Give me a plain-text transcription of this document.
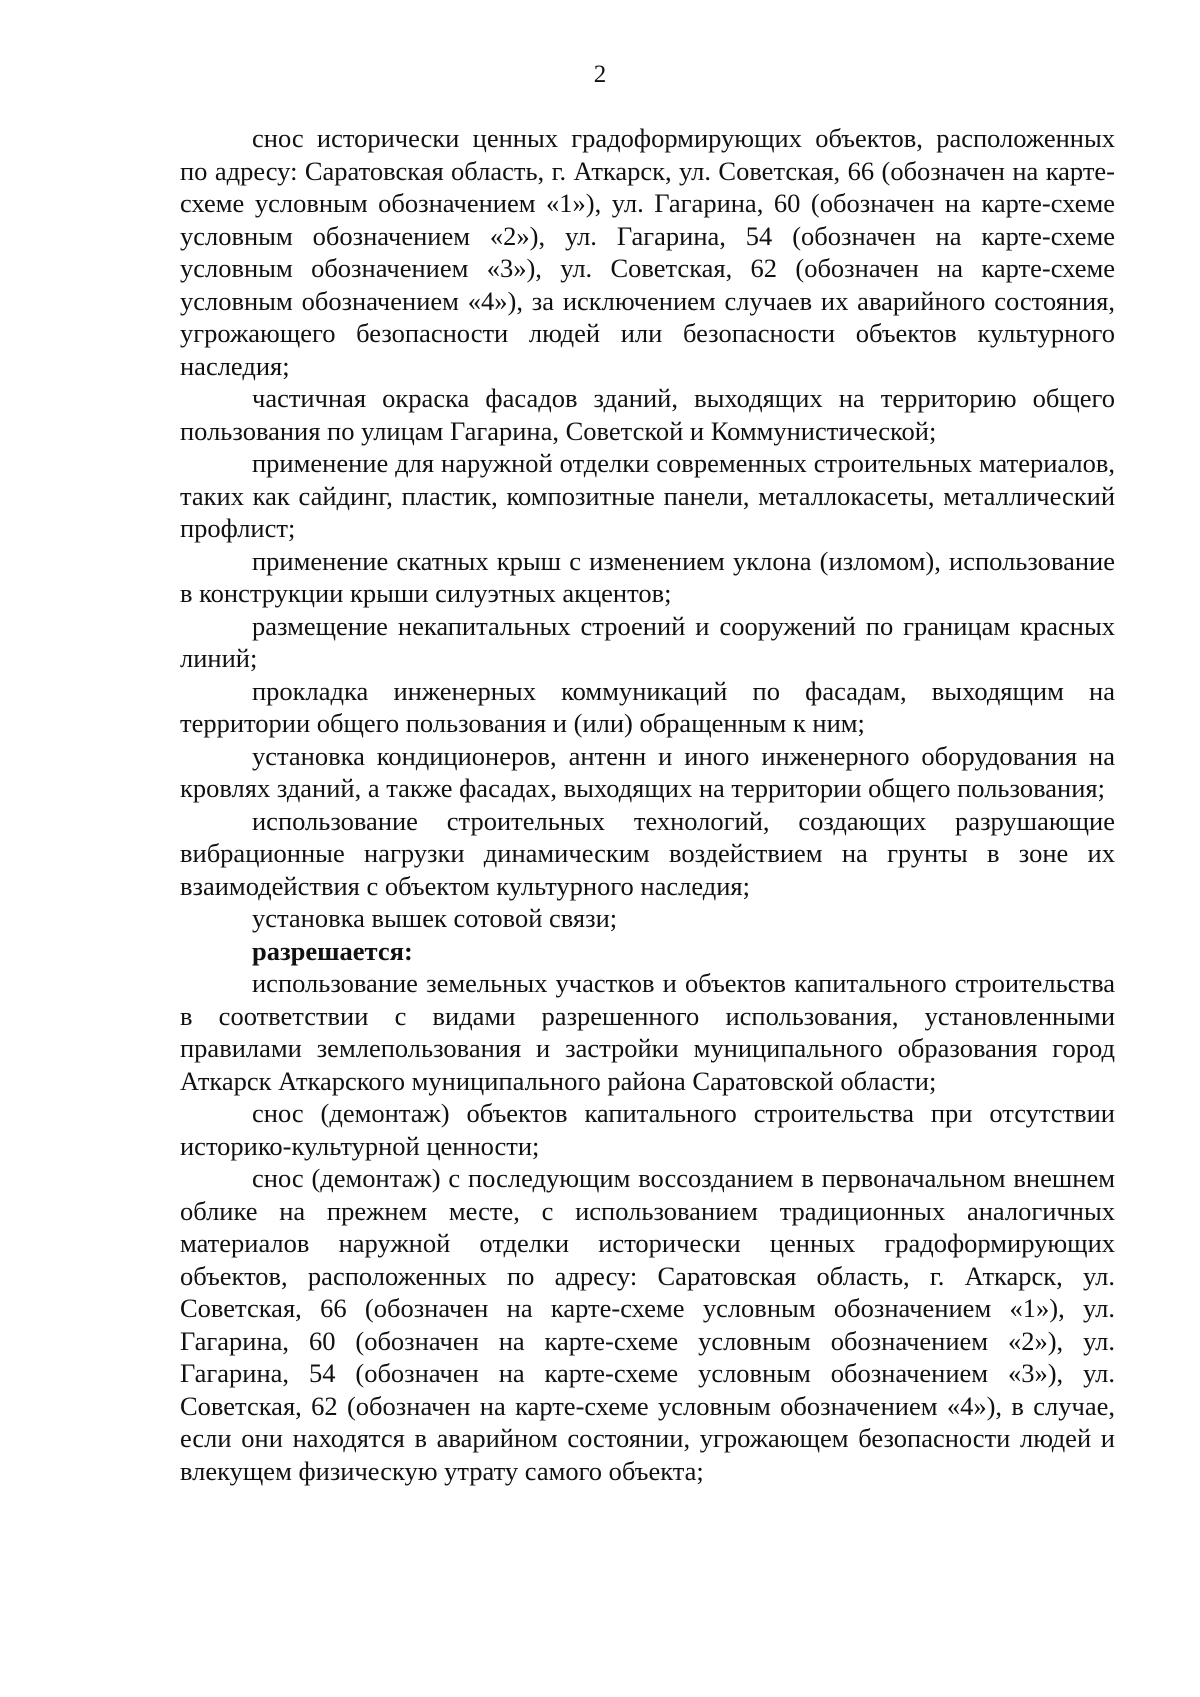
2

снос исторически ценных градоформирующих объектов, расположенных по адресу: Саратовская область, г. Аткарск, ул. Советская, 66 (обозначен на карте-схеме условным обозначением «1»), ул. Гагарина, 60 (обозначен на карте-схеме условным обозначением «2»), ул. Гагарина, 54 (обозначен на карте-схеме условным обозначением «3»), ул. Советская, 62 (обозначен на карте-схеме условным обозначением «4»), за исключением случаев их аварийного состояния, угрожающего безопасности людей или безопасности объектов культурного наследия;

частичная окраска фасадов зданий, выходящих на территорию общего пользования по улицам Гагарина, Советской и Коммунистической;

применение для наружной отделки современных строительных материалов, таких как сайдинг, пластик, композитные панели, металлокасеты, металлический профлист;

применение скатных крыш с изменением уклона (изломом), использование в конструкции крыши силуэтных акцентов;

размещение некапитальных строений и сооружений по границам красных линий;

прокладка инженерных коммуникаций по фасадам, выходящим на территории общего пользования и (или) обращенным к ним;

установка кондиционеров, антенн и иного инженерного оборудования на кровлях зданий, а также фасадах, выходящих на территории общего пользования;

использование строительных технологий, создающих разрушающие вибрационные нагрузки динамическим воздействием на грунты в зоне их взаимодействия с объектом культурного наследия;

установка вышек сотовой связи;

разрешается:

использование земельных участков и объектов капитального строительства в соответствии с видами разрешенного использования, установленными правилами землепользования и застройки муниципального образования город Аткарск Аткарского муниципального района Саратовской области;

снос (демонтаж) объектов капитального строительства при отсутствии историко-культурной ценности;

снос (демонтаж) с последующим воссозданием в первоначальном внешнем облике на прежнем месте, с использованием традиционных аналогичных материалов наружной отделки исторически ценных градоформирующих объектов, расположенных по адресу: Саратовская область, г. Аткарск, ул. Советская, 66 (обозначен на карте-схеме условным обозначением «1»), ул. Гагарина, 60 (обозначен на карте-схеме условным обозначением «2»), ул. Гагарина, 54 (обозначен на карте-схеме условным обозначением «3»), ул. Советская, 62 (обозначен на карте-схеме условным обозначением «4»), в случае, если они находятся в аварийном состоянии, угрожающем безопасности людей и влекущем физическую утрату самого объекта;
